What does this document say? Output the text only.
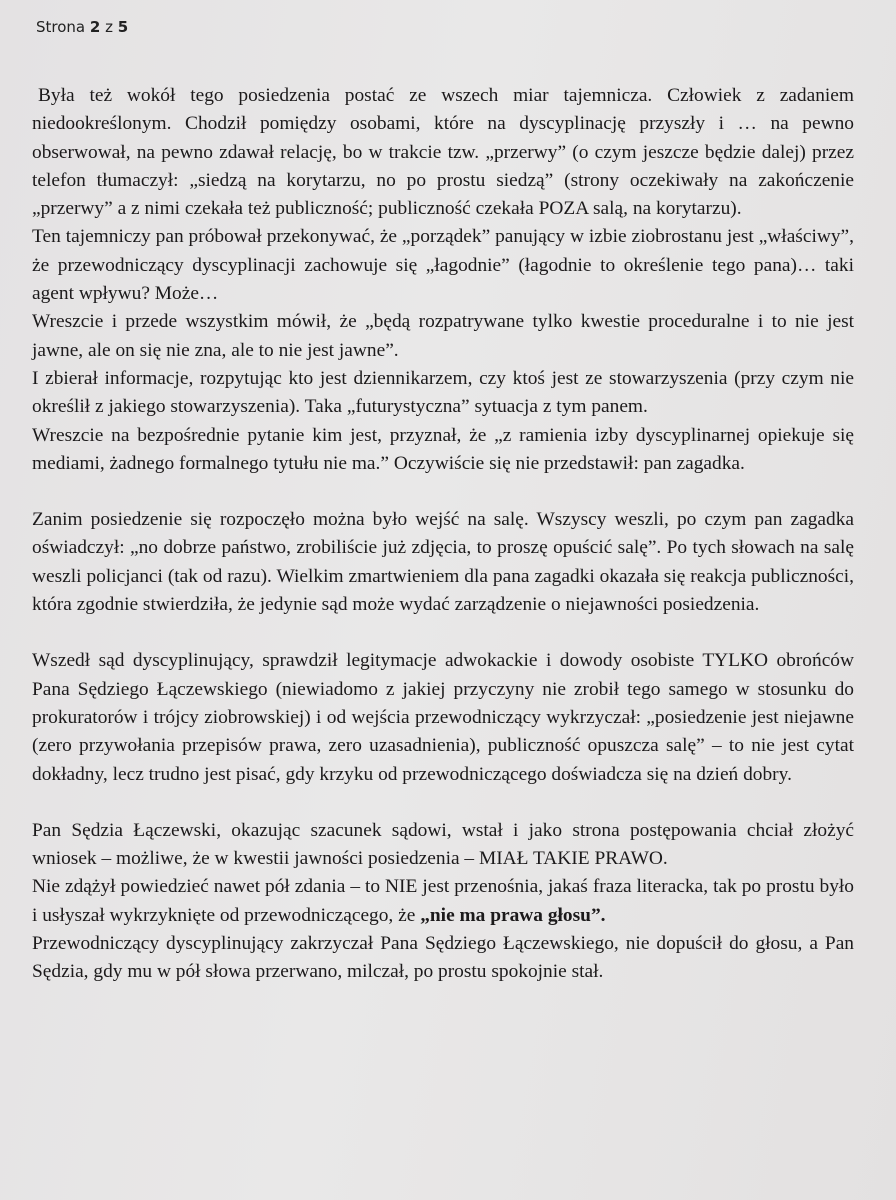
Strona 2 z 5

Była też wokół tego posiedzenia postać ze wszech miar tajemnicza. Człowiek z zadaniem niedookreślonym. Chodził pomiędzy osobami, które na dyscyplinację przyszły i … na pewno obserwował, na pewno zdawał relację, bo w trakcie tzw. „przerwy” (o czym jeszcze będzie dalej) przez telefon tłumaczył: „siedzą na korytarzu, no po prostu siedzą” (strony oczekiwały na zakończenie „przerwy” a z nimi czekała też publiczność; publiczność czekała POZA salą, na korytarzu).

Ten tajemniczy pan próbował przekonywać, że „porządek” panujący w izbie ziobrostanu jest „właściwy”, że przewodniczący dyscyplinacji zachowuje się „łagodnie” (łagodnie to określenie tego pana)… taki agent wpływu? Może…

Wreszcie i przede wszystkim mówił, że „będą rozpatrywane tylko kwestie proceduralne i to nie jest jawne, ale on się nie zna, ale to nie jest jawne”.

I zbierał informacje, rozpytując kto jest dziennikarzem, czy ktoś jest ze stowarzyszenia (przy czym nie określił z jakiego stowarzyszenia). Taka „futurystyczna” sytuacja z tym panem.

Wreszcie na bezpośrednie pytanie kim jest, przyznał, że „z ramienia izby dyscyplinarnej opiekuje się mediami, żadnego formalnego tytułu nie ma.” Oczywiście się nie przedstawił: pan zagadka.

Zanim posiedzenie się rozpoczęło można było wejść na salę. Wszyscy weszli, po czym pan zagadka oświadczył: „no dobrze państwo, zrobiliście już zdjęcia, to proszę opuścić salę”. Po tych słowach na salę weszli policjanci (tak od razu). Wielkim zmartwieniem dla pana zagadki okazała się reakcja publiczności, która zgodnie stwierdziła, że jedynie sąd może wydać zarządzenie o niejawności posiedzenia.

Wszedł sąd dyscyplinujący, sprawdził legitymacje adwokackie i dowody osobiste TYLKO obrońców Pana Sędziego Łączewskiego (niewiadomo z jakiej przyczyny nie zrobił tego samego w stosunku do prokuratorów i trójcy ziobrowskiej) i od wejścia przewodniczący wykrzyczał: „posiedzenie jest niejawne (zero przywołania przepisów prawa, zero uzasadnienia), publiczność opuszcza salę” – to nie jest cytat dokładny, lecz trudno jest pisać, gdy krzyku od przewodniczącego doświadcza się na dzień dobry.

Pan Sędzia Łączewski, okazując szacunek sądowi, wstał i jako strona postępowania chciał złożyć wniosek – możliwe, że w kwestii jawności posiedzenia – MIAŁ TAKIE PRAWO.

Nie zdążył powiedzieć nawet pół zdania – to NIE jest przenośnia, jakaś fraza literacka, tak po prostu było i usłyszał wykrzyknięte od przewodniczącego, że „nie ma prawa głosu”.

Przewodniczący dyscyplinujący zakrzyczał Pana Sędziego Łączewskiego, nie dopuścił do głosu, a Pan Sędzia, gdy mu w pół słowa przerwano, milczał, po prostu spokojnie stał.
